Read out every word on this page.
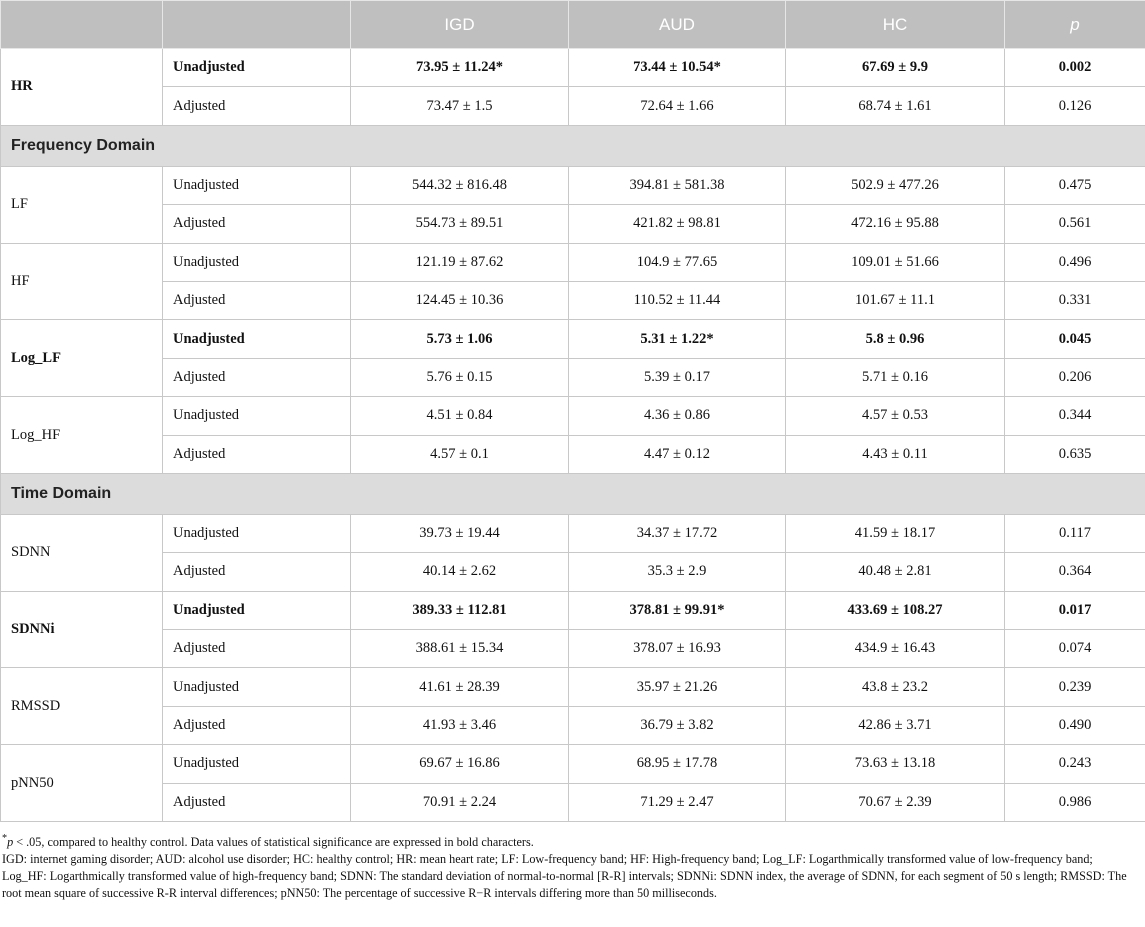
		IGD	AUD	HC	p
HR	Unadjusted	73.95 ± 11.24*	73.44 ± 10.54*	67.69 ± 9.9	0.002
	Adjusted	73.47 ± 1.5	72.64 ± 1.66	68.74 ± 1.61	0.126
Frequency Domain					
LF	Unadjusted	544.32 ± 816.48	394.81 ± 581.38	502.9 ± 477.26	0.475
	Adjusted	554.73 ± 89.51	421.82 ± 98.81	472.16 ± 95.88	0.561
HF	Unadjusted	121.19 ± 87.62	104.9 ± 77.65	109.01 ± 51.66	0.496
	Adjusted	124.45 ± 10.36	110.52 ± 11.44	101.67 ± 11.1	0.331
Log_LF	Unadjusted	5.73 ± 1.06	5.31 ± 1.22*	5.8 ± 0.96	0.045
	Adjusted	5.76 ± 0.15	5.39 ± 0.17	5.71 ± 0.16	0.206
Log_HF	Unadjusted	4.51 ± 0.84	4.36 ± 0.86	4.57 ± 0.53	0.344
	Adjusted	4.57 ± 0.1	4.47 ± 0.12	4.43 ± 0.11	0.635
Time Domain					
SDNN	Unadjusted	39.73 ± 19.44	34.37 ± 17.72	41.59 ± 18.17	0.117
	Adjusted	40.14 ± 2.62	35.3 ± 2.9	40.48 ± 2.81	0.364
SDNNi	Unadjusted	389.33 ± 112.81	378.81 ± 99.91*	433.69 ± 108.27	0.017
	Adjusted	388.61 ± 15.34	378.07 ± 16.93	434.9 ± 16.43	0.074
RMSSD	Unadjusted	41.61 ± 28.39	35.97 ± 21.26	43.8 ± 23.2	0.239
	Adjusted	41.93 ± 3.46	36.79 ± 3.82	42.86 ± 3.71	0.490
pNN50	Unadjusted	69.67 ± 16.86	68.95 ± 17.78	73.63 ± 13.18	0.243
	Adjusted	70.91 ± 2.24	71.29 ± 2.47	70.67 ± 2.39	0.986

*p < .05, compared to healthy control. Data values of statistical significance are expressed in bold characters.

IGD: internet gaming disorder; AUD: alcohol use disorder; HC: healthy control; HR: mean heart rate; LF: Low-frequency band; HF: High-frequency band; Log_LF: Logarthmically transformed value of low-frequency band; Log_HF: Logarthmically transformed value of high-frequency band; SDNN: The standard deviation of normal-to-normal [R-R] intervals; SDNNi: SDNN index, the average of SDNN, for each segment of 50 s length; RMSSD: The root mean square of successive R-R interval differences; pNN50: The percentage of successive R−R intervals differing more than 50 milliseconds.
